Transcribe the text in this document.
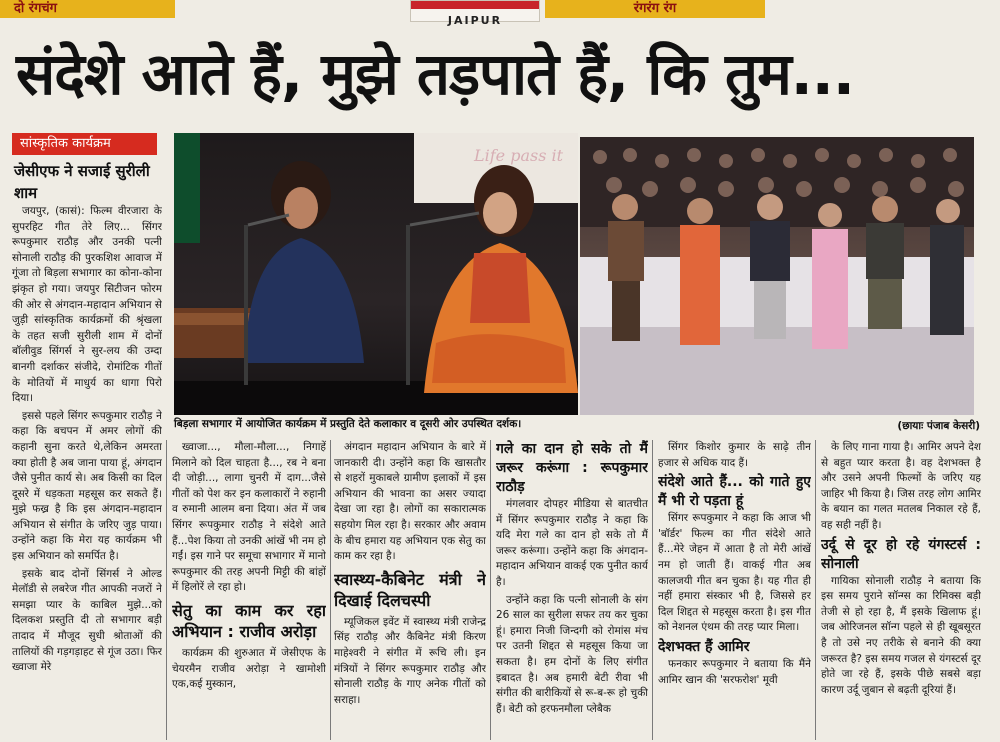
दो रंगचंग
JAIPUR
रंगरंग रंग
संदेशे आते हैं, मुझे तड़पाते हैं, कि तुम...
सांस्कृतिक कार्यक्रम
जेसीएफ ने सजाई सुरीली शाम
Life pass it
बिड़ला सभागार में आयोजित कार्यक्रम में प्रस्तुति देते कलाकार व दूसरी ओर उपस्थित दर्शक।	(छायाः पंजाब केसरी)

जयपुर, (कासं): फिल्म वीरजारा के सुपरहिट गीत तेरे लिए... सिंगर रूपकुमार राठौड़ और उनकी पत्नी सोनाली राठौड़ की पुरकशिश आवाज में गूंजा तो बिड़ला सभागार का कोना-कोना झंकृत हो गया। जयपुर सिटीजन फोरम की ओर से अंगदान-महादान अभियान से जुड़ी सांस्कृतिक कार्यक्रमों की श्रृंखला के तहत सजी सुरीली शाम में दोनों बॉलीवुड सिंगर्स ने सुर-लय की उम्दा बानगी दर्शाकर संजीदे, रोमांटिक गीतों के मोतियों में माधुर्य का धागा पिरो दिया।

इससे पहले सिंगर रूपकुमार राठौड़ ने कहा कि बचपन में अमर लोगों की कहानी सुना करते थे,लेकिन अमरता क्या होती है अब जाना पाया हूं, अंगदान जैसे पुनीत कार्य से। अब किसी का दिल दूसरे में धड़कता महसूस कर सकते हैं। मुझे फख्र है कि इस अंगदान-महादान अभियान से संगीत के जरिए जुड़ पाया। उन्होंने कहा कि मेरा यह कार्यक्रम भी इस अभियान को समर्पित है।

इसके बाद दोनों सिंगर्स ने ओल्ड मेलॉडी से लबरेज गीत आपकी नजरों ने समझा प्यार के काबिल मुझे...को दिलकश प्रस्तुति दी तो सभागार बड़ी तादाद में मौजूद सुधी श्रोताओं की तालियों की गड़गड़ाहट से गूंज उठा। फिर ख्वाजा मेरे

ख्वाजा..., मौला-मौला..., निगाहें मिलाने को दिल चाहता है..., रब ने बना दी जोड़ी..., लागा चुनरी में दाग...जैसे गीतों को पेश कर इन कलाकारों ने रुहानी व रुमानी आलम बना दिया। अंत में जब सिंगर रूपकुमार राठौड़ ने संदेशे आते हैं...पेश किया तो उनकी आंखें भी नम हो गईं। इस गाने पर समूचा सभागार में मानो रूपकुमार की तरह अपनी मिट्टी की बांहों में हिलोरें ले रहा हो।

सेतु का काम कर रहा अभियान : राजीव अरोड़ा

कार्यक्रम की शुरुआत में जेसीएफ के चेयरमैन राजीव अरोड़ा ने खामोशी एक,कई मुस्कान,

अंगदान महादान अभियान के बारे में जानकारी दी। उन्होंने कहा कि खासतौर से शहरों मुकाबले ग्रामीण इलाकों में इस अभियान की भावना का असर ज्यादा देखा जा रहा है। लोगों का सकारात्मक सहयोग मिल रहा है। सरकार और अवाम के बीच हमारा यह अभियान एक सेतु का काम कर रहा है।

स्वास्थ्य-कैबिनेट मंत्री ने दिखाई दिलचस्पी

म्यूजिकल इवेंट में स्वास्थ्य मंत्री राजेन्द्र सिंह राठौड़ और कैबिनेट मंत्री किरण माहेश्वरी ने संगीत में रूचि ली। इन मंत्रियों ने सिंगर रूपकुमार राठौड़ और सोनाली राठौड़ के गाए अनेक गीतों को सराहा।

गले का दान हो सके तो मैं जरूर करूंगा : रूपकुमार राठौड़

मंगलवार दोपहर मीडिया से बातचीत में सिंगर रूपकुमार राठौड़ ने कहा कि यदि मेरा गले का दान हो सके तो मैं जरूर करूंगा। उन्होंने कहा कि अंगदान-महादान अभियान वाकई एक पुनीत कार्य है।

उन्होंने कहा कि पत्नी सोनाली के संग 26 साल का सुरीला सफर तय कर चुका हूं। हमारा निजी जिन्दगी को रोमांस मंच पर उतनी शिद्दत से महसूस किया जा सकता है। हम दोनों के लिए संगीत इबादत है। अब हमारी बेटी रीवा भी संगीत की बारीकियों से रू-ब-रू हो चुकी हैं। बेटी को हरफनमौला प्लेबैक

सिंगर किशोर कुमार के साढ़े तीन हजार से अधिक याद हैं।

संदेशे आते हैं... को गाते हुए मैं भी रो पड़ता हूं

सिंगर रूपकुमार ने कहा कि आज भी 'बॉर्डर' फिल्म का गीत संदेशे आते हैं...मेरे जेहन में आता है तो मेरी आंखें नम हो जाती हैं। वाकई गीत अब कालजयी गीत बन चुका है। यह गीत ही नहीं हमारा संस्कार भी है, जिससे हर दिल शिद्दत से महसूस करता है। इस गीत को नेशनल एंथम की तरह प्यार मिला।

देशभक्त हैं आमिर

फनकार रूपकुमार ने बताया कि मैंने आमिर खान की 'सरफरोश' मूवी

के लिए गाना गाया है। आमिर अपने देश से बहुत प्यार करता है। वह देशभक्त है और उसने अपनी फिल्मों के जरिए यह जाहिर भी किया है। जिस तरह लोग आमिर के बयान का गलत मतलब निकाल रहे हैं, वह सही नहीं है।

उर्दू से दूर हो रहे यंगस्टर्स : सोनाली

गायिका सोनाली राठौड़ ने बताया कि इस समय पुराने सॉन्ग्स का रिमिक्स बड़ी तेजी से हो रहा है, मैं इसके खिलाफ हूं। जब ओरिजनल सॉन्ग पहले से ही खूबसूरत है तो उसे नए तरीके से बनाने की क्या जरूरत है? इस समय गजल से यंगस्टर्स दूर होते जा रहे हैं, इसके पीछे सबसे बड़ा कारण उर्दू जुबान से बढ़ती दूरियां हैं।
